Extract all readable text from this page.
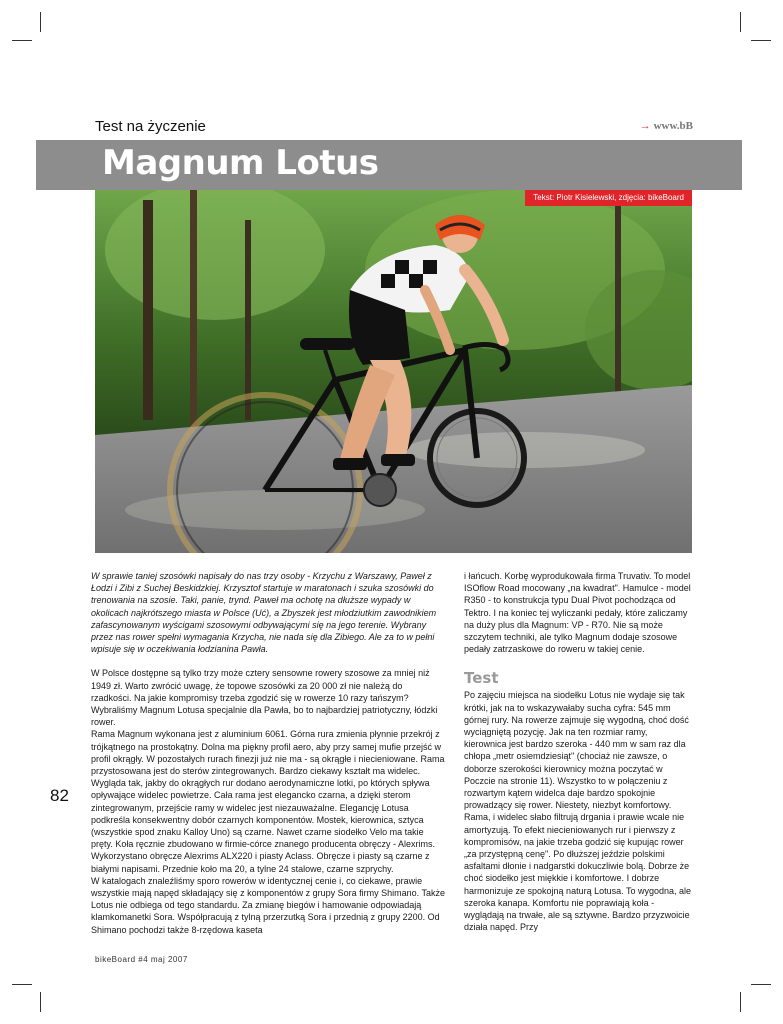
Test na życzenie	→ www.bB
Magnum Lotus
Tekst: Piotr Kisielewski, zdjęcia: bikeBoard

W sprawie taniej szosówki napisały do nas trzy osoby - Krzychu z Warszawy, Paweł z Łodzi i Zibi z Suchej Beskidzkiej. Krzysztof startuje w maratonach i szuka szosówki do trenowania na szosie. Taki, panie, trynd. Paweł ma ochotę na dłuższe wypady w okolicach najkrótszego miasta w Polsce (Uć), a Zbyszek jest młodziutkim zawodnikiem zafascynowanym wyścigami szosowymi odbywającymi się na jego terenie. Wybrany przez nas rower spełni wymagania Krzycha, nie nada się dla Zibiego. Ale za to w pełni wpisuje się w oczekiwania łodzianina Pawła.

W Polsce dostępne są tylko trzy może cztery sensowne rowery szosowe za mniej niż 1949 zł. Warto zwrócić uwagę, że topowe szosówki za 20 000 zł nie należą do rzadkości. Na jakie kompromisy trzeba zgodzić się w rowerze 10 razy tańszym? Wybraliśmy Magnum Lotusa specjalnie dla Pawła, bo to najbardziej patriotyczny, łódzki rower.

Rama Magnum wykonana jest z aluminium 6061. Górna rura zmienia płynnie przekrój z trójkątnego na prostokątny. Dolna ma piękny profil aero, aby przy samej mufie przejść w profil okrągły. W pozostałych rurach finezji już nie ma - są okrągłe i niecieniowane. Rama przystosowana jest do sterów zintegrowanych. Bardzo ciekawy kształt ma widelec. Wygląda tak, jakby do okrągłych rur dodano aerodynamiczne lotki, po których spływa opływające widelec powietrze. Cała rama jest elegancko czarna, a dzięki sterom zintegrowanym, przejście ramy w widelec jest niezauważalne. Elegancję Lotusa podkreśla konsekwentny dobór czarnych komponentów. Mostek, kierownica, sztyca (wszystkie spod znaku Kalloy Uno) są czarne. Nawet czarne siodełko Velo ma takie pręty. Koła ręcznie zbudowano w firmie-córce znanego producenta obręczy - Alexrims. Wykorzystano obręcze Alexrims ALX220 i piasty Aclass. Obręcze i piasty są czarne z białymi napisami. Przednie koło ma 20, a tylne 24 stalowe, czarne szprychy.

W katalogach znaleźliśmy sporo rowerów w identycznej cenie i, co ciekawe, prawie wszystkie mają napęd składający się z komponentów z grupy Sora firmy Shimano. Także Lotus nie odbiega od tego standardu. Za zmianę biegów i hamowanie odpowiadają klamkomanetki Sora. Współpracują z tylną przerzutką Sora i przednią z grupy 2200. Od Shimano pochodzi także 8-rzędowa kaseta

i łańcuch. Korbę wyprodukowała firma Truvativ. To model ISOflow Road mocowany „na kwadrat". Hamulce - model R350 - to konstrukcja typu Dual Pivot pochodząca od Tektro. I na koniec tej wyliczanki pedały, które zaliczamy na duży plus dla Magnum: VP - R70. Nie są może szczytem techniki, ale tylko Magnum dodaje szosowe pedały zatrzaskowe do roweru w takiej cenie.

Test

Po zajęciu miejsca na siodełku Lotus nie wydaje się tak krótki, jak na to wskazywałaby sucha cyfra: 545 mm górnej rury. Na rowerze zajmuje się wygodną, choć dość wyciągniętą pozycję. Jak na ten rozmiar ramy, kierownica jest bardzo szeroka - 440 mm w sam raz dla chłopa „metr osiemdziesiąt" (chociaż nie zawsze, o doborze szerokości kierownicy można poczytać w Poczcie na stronie 11). Wszystko to w połączeniu z rozwartym kątem widelca daje bardzo spokojnie prowadzący się rower. Niestety, niezbyt komfortowy. Rama, i widelec słabo filtrują drgania i prawie wcale nie amortyzują. To efekt niecieniowanych rur i pierwszy z kompromisów, na jakie trzeba godzić się kupując rower „za przystępną cenę". Po dłuższej jeździe polskimi asfaltami dłonie i nadgarstki dokuczliwie bolą. Dobrze że choć siodełko jest miękkie i komfortowe. I dobrze harmonizuje ze spokojną naturą Lotusa. To wygodna, ale szeroka kanapa. Komfortu nie poprawiają koła - wyglądają na trwałe, ale są sztywne. Bardzo przyzwoicie działa napęd. Przy

82
bikeBoard #4 maj 2007
